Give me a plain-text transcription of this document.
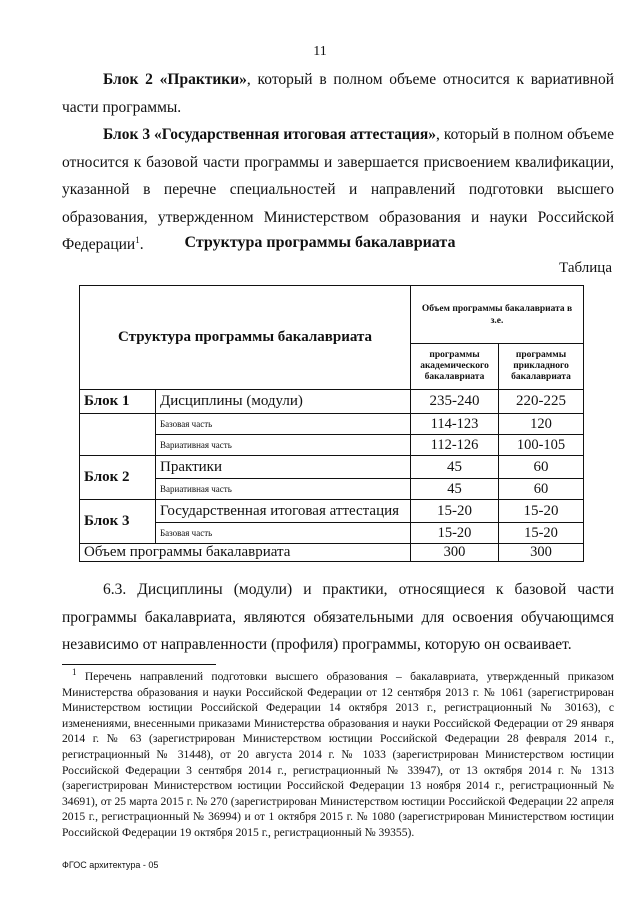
11
Блок 2 «Практики», который в полном объеме относится к вариативной части программы.
Блок 3 «Государственная итоговая аттестация», который в полном объеме относится к базовой части программы и завершается присвоением квалификации, указанной в перечне специальностей и направлений подготовки высшего образования, утвержденном Министерством образования и науки Российской Федерации$^1$.	Структура программы бакалавриата
Таблица
Структура программы бакалавриата		Объем программы бакалавриата в з.е.	
		программы академического бакалавриата	программы прикладного бакалавриата
Блок 1	Дисциплины (модули)	235-240	220-225
	Базовая часть	114-123	120
	Вариативная часть	112-126	100-105
Блок 2	Практики	45	60
	Вариативная часть	45	60
Блок 3	Государственная итоговая аттестация	15-20	15-20
	Базовая часть	15-20	15-20
Объем программы бакалавриата		300	300
6.3. Дисциплины (модули) и практики, относящиеся к базовой части программы бакалавриата, являются обязательными для освоения обучающимся независимо от направленности (профиля) программы, которую он осваивает.
$^1$ Перечень направлений подготовки высшего образования – бакалавриата, утвержденный приказом Министерства образования и науки Российской Федерации от 12 сентября 2013 г. № 1061 (зарегистрирован Министерством юстиции Российской Федерации 14 октября 2013 г., регистрационный № 30163), с изменениями, внесенными приказами Министерства образования и науки Российской Федерации от 29 января 2014 г. № 63 (зарегистрирован Министерством юстиции Российской Федерации 28 февраля 2014 г., регистрационный № 31448), от 20 августа 2014 г. № 1033 (зарегистрирован Министерством юстиции Российской Федерации 3 сентября 2014 г., регистрационный № 33947), от 13 октября 2014 г. № 1313 (зарегистрирован Министерством юстиции Российской Федерации 13 ноября 2014 г., регистрационный № 34691), от 25 марта 2015 г. № 270 (зарегистрирован Министерством юстиции Российской Федерации 22 апреля 2015 г., регистрационный № 36994) и от 1 октября 2015 г. № 1080 (зарегистрирован Министерством юстиции Российской Федерации 19 октября 2015 г., регистрационный № 39355).
ФГОС архитектура - 05
